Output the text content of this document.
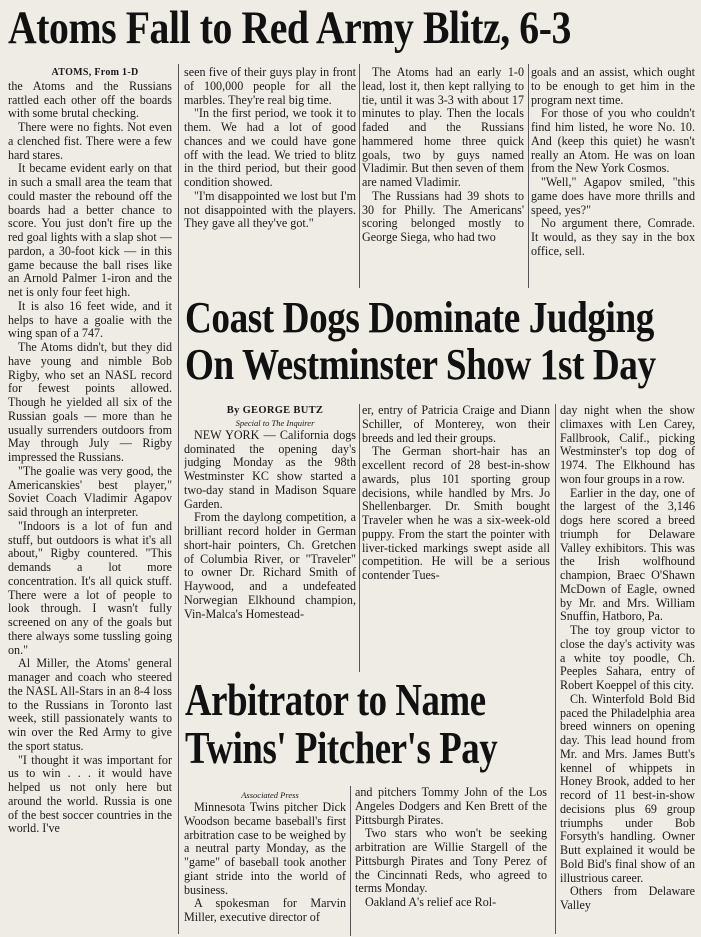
Atoms Fall to Red Army Blitz, 6-3

ATOMS, From 1-D

the Atoms and the Russians rattled each other off the boards with some brutal checking.

There were no fights. Not even a clenched fist. There were a few hard stares.

It became evident early on that in such a small area the team that could master the rebound off the boards had a better chance to score. You just don't fire up the red goal lights with a slap shot — pardon, a 30-foot kick — in this game because the ball rises like an Arnold Palmer 1-iron and the net is only four feet high.

It is also 16 feet wide, and it helps to have a goalie with the wing span of a 747.

The Atoms didn't, but they did have young and nimble Bob Rigby, who set an NASL record for fewest points allowed. Though he yielded all six of the Russian goals — more than he usually surrenders outdoors from May through July — Rigby impressed the Russians.

"The goalie was very good, the Americanskies' best player," Soviet Coach Vladimir Agapov said through an interpreter.

"Indoors is a lot of fun and stuff, but outdoors is what it's all about," Rigby countered. "This demands a lot more concentration. It's all quick stuff. There were a lot of people to look through. I wasn't fully screened on any of the goals but there always some tussling going on."

Al Miller, the Atoms' general manager and coach who steered the NASL All-Stars in an 8-4 loss to the Russians in Toronto last week, still passionately wants to win over the Red Army to give the sport status.

"I thought it was important for us to win . . . it would have helped us not only here but around the world. Russia is one of the best soccer countries in the world. I've

seen five of their guys play in front of 100,000 people for all the marbles. They're real big time.

"In the first period, we took it to them. We had a lot of good chances and we could have gone off with the lead. We tried to blitz in the third period, but their good condition showed.

"I'm disappointed we lost but I'm not disappointed with the players. They gave all they've got."

The Atoms had an early 1-0 lead, lost it, then kept rallying to tie, until it was 3-3 with about 17 minutes to play. Then the locals faded and the Russians hammered home three quick goals, two by guys named Vladimir. But then seven of them are named Vladimir.

The Russians had 39 shots to 30 for Philly. The Americans' scoring belonged mostly to George Siega, who had two

goals and an assist, which ought to be enough to get him in the program next time.

For those of you who couldn't find him listed, he wore No. 10. And (keep this quiet) he wasn't really an Atom. He was on loan from the New York Cosmos.

"Well," Agapov smiled, "this game does have more thrills and speed, yes?"

No argument there, Comrade. It would, as they say in the box office, sell.

Coast Dogs Dominate Judging
On Westminster Show 1st Day

By GEORGE BUTZ

Special to The Inquirer

NEW YORK — California dogs dominated the opening day's judging Monday as the 98th Westminster KC show started a two-day stand in Madison Square Garden.

From the daylong competition, a brilliant record holder in German short-hair pointers, Ch. Gretchen of Columbia River, or "Traveler" to owner Dr. Richard Smith of Haywood, and a undefeated Norwegian Elkhound champion, Vin-Malca's Homestead-

er, entry of Patricia Craige and Diann Schiller, of Monterey, won their breeds and led their groups.

The German short-hair has an excellent record of 28 best-in-show awards, plus 101 sporting group decisions, while handled by Mrs. Jo Shellenbarger. Dr. Smith bought Traveler when he was a six-week-old puppy. From the start the pointer with liver-ticked markings swept aside all competition. He will be a serious contender Tues-

day night when the show climaxes with Len Carey, Fallbrook, Calif., picking Westminster's top dog of 1974. The Elkhound has won four groups in a row.

Earlier in the day, one of the largest of the 3,146 dogs here scored a breed triumph for Delaware Valley exhibitors. This was the Irish wolfhound champion, Braec O'Shawn McDown of Eagle, owned by Mr. and Mrs. William Snuffin, Hatboro, Pa.

The toy group victor to close the day's activity was a white toy poodle, Ch. Peeples Sahara, entry of Robert Koeppel of this city.

Ch. Winterfold Bold Bid paced the Philadelphia area breed winners on opening day. This lead hound from Mr. and Mrs. James Butt's kennel of whippets in Honey Brook, added to her record of 11 best-in-show decisions plus 69 group triumphs under Bob Forsyth's handling. Owner Butt explained it would be Bold Bid's final show of an illustrious career.

Others from Delaware Valley

Arbitrator to Name
Twins' Pitcher's Pay

Associated Press

Minnesota Twins pitcher Dick Woodson became baseball's first arbitration case to be weighed by a neutral party Monday, as the "game" of baseball took another giant stride into the world of business.

A spokesman for Marvin Miller, executive director of

and pitchers Tommy John of the Los Angeles Dodgers and Ken Brett of the Pittsburgh Pirates.

Two stars who won't be seeking arbitration are Willie Stargell of the Pittsburgh Pirates and Tony Perez of the Cincinnati Reds, who agreed to terms Monday.

Oakland A's relief ace Rol-
